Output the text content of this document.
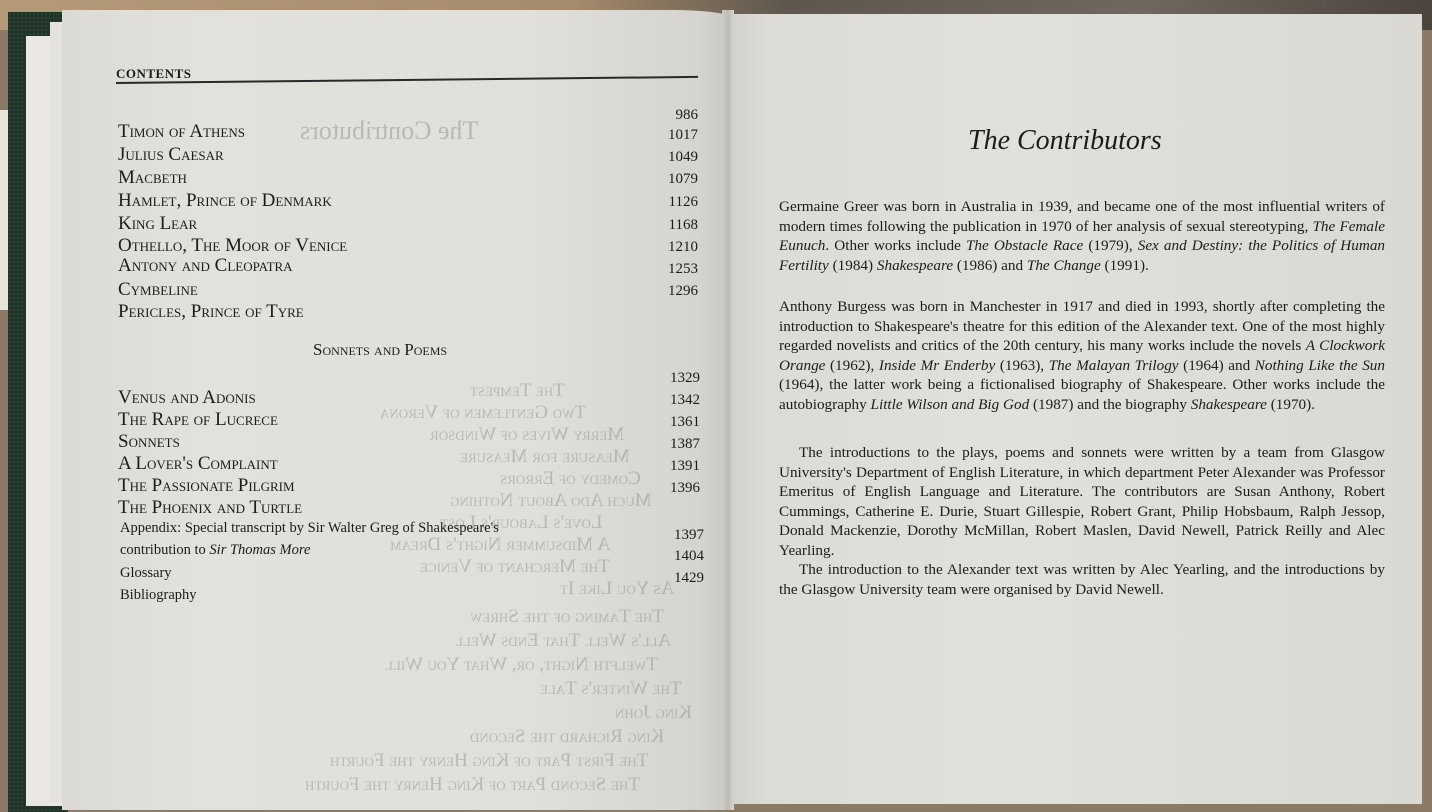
The Contributors
The Tempest
Two Gentlemen of Verona
Merry Wives of Windsor
Measure for Measure
Comedy of Errors
Much Ado About Nothing
Love's Labour's Lost
A Midsummer Night's Dream
The Merchant of Venice
As You Like It
The Taming of the Shrew
All's Well That Ends Well
Twelfth Night, or, What You Will
The Winter's Tale
King John
King Richard the Second
The First Part of King Henry the Fourth
The Second Part of King Henry the Fourth
CONTENTS
Timon of Athens
986
Julius Caesar
1017
Macbeth
1049
Hamlet, Prince of Denmark
1079
King Lear
1126
Othello, The Moor of Venice
1168
Antony and Cleopatra
1210
Cymbeline
1253
Pericles, Prince of Tyre
1296
Sonnets and Poems
Venus and Adonis
1329
The Rape of Lucrece
1342
Sonnets
1361
A Lover's Complaint
1387
The Passionate Pilgrim
1391
The Phoenix and Turtle
1396
Appendix: Special transcript by Sir Walter Greg of Shakespeare's
contribution to Sir Thomas More
1397
Glossary
1404
Bibliography
1429
The Contributors
Germaine Greer was born in Australia in 1939, and became one of the most influential writers of modern times following the publication in 1970 of her analysis of sexual stereotyping, The Female Eunuch. Other works include The Obstacle Race (1979), Sex and Destiny: the Politics of Human Fertility (1984) Shakespeare (1986) and The Change (1991).
Anthony Burgess was born in Manchester in 1917 and died in 1993, shortly after completing the introduction to Shakespeare's theatre for this edition of the Alexander text. One of the most highly regarded novelists and critics of the 20th century, his many works include the novels A Clockwork Orange (1962), Inside Mr Enderby (1963), The Malayan Trilogy (1964) and Nothing Like the Sun (1964), the latter work being a fictionalised biography of Shakespeare. Other works include the autobiography Little Wilson and Big God (1987) and the biography Shakespeare (1970).
The introductions to the plays, poems and sonnets were written by a team from Glasgow University's Department of English Literature, in which department Peter Alexander was Professor Emeritus of English Language and Literature. The contributors are Susan Anthony, Robert Cummings, Catherine E. Durie, Stuart Gillespie, Robert Grant, Philip Hobsbaum, Ralph Jessop, Donald Mackenzie, Dorothy McMillan, Robert Maslen, David Newell, Patrick Reilly and Alec Yearling.
The introduction to the Alexander text was written by Alec Yearling, and the introductions by the Glasgow University team were organised by David Newell.
